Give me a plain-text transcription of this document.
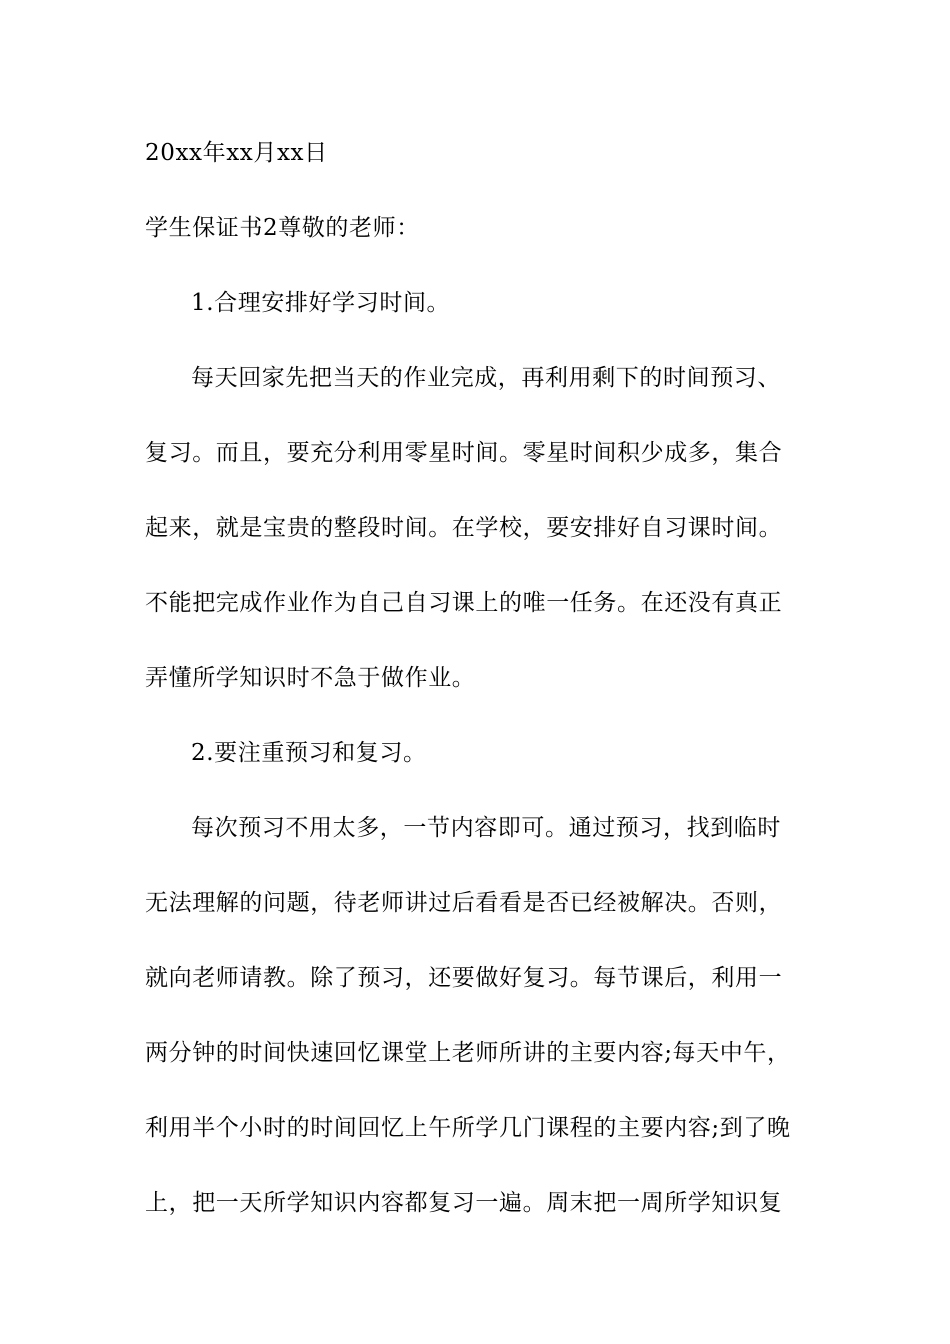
20xx年xx月xx日
学生保证书2尊敬的老师：
1.合理安排好学习时间。
每天回家先把当天的作业完成，再利用剩下的时间预习、
复习。而且，要充分利用零星时间。零星时间积少成多，集合
起来，就是宝贵的整段时间。在学校，要安排好自习课时间。
不能把完成作业作为自己自习课上的唯一任务。在还没有真正
弄懂所学知识时不急于做作业。
2.要注重预习和复习。
每次预习不用太多，一节内容即可。通过预习，找到临时
无法理解的问题，待老师讲过后看看是否已经被解决。否则，
就向老师请教。除了预习，还要做好复习。每节课后，利用一
两分钟的时间快速回忆课堂上老师所讲的主要内容;每天中午，
利用半个小时的时间回忆上午所学几门课程的主要内容;到了晚
上，把一天所学知识内容都复习一遍。周末把一周所学知识复
